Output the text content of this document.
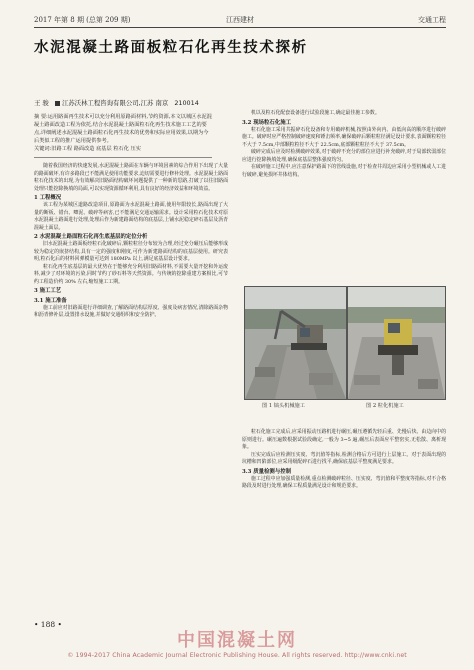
2017 年第 8 期 (总第 209 期)	江西建材	交通工程
水泥混凝土路面板粒石化再生技术探析
王 骏 江苏沃林工程咨询有限公司,江苏 南京 210014
摘 要:运用路面再生技术可以充分利用原路面材料,节约资源,本文以城区水泥混凝土路面改造工程为依托,结合水泥混凝土路面粒石化再生技术施工工艺的要点,详细阐述水泥混凝土路面粒石化再生技术的优势和实际应用效果,以期为今后类似工程的推广运用提供参考。
关键词:旧路工程 路面改造 底基层 粒石化 压实

随着我国经济的快速发展,水泥混凝土路面在车辆与环境因素的综合作用下出现了大量的路面破坏,有许多路段已不能满足使用功能要求,迫切需要进行修补处理。水泥混凝土路面粒石化技术的出现,为有效解决旧路面结构破坏问题提供了一种新的思路,打破了以往旧路面处理只能挖除换填的局面,可以实现资源循环利用,具有良好的经济效益和环境效益。

1 工程概况

该工程为某城区道路改造项目,原路面为水泥混凝土路面,使用年限较长,路面出现了大量的断板、错台、唧泥、破碎等病害,已不能满足交通运输需求。设计采用粒石化技术对原水泥混凝土路面进行处理,处理后作为新建路面结构的底基层,上铺水泥稳定碎石基层及沥青混凝土面层。

2 水泥混凝土路面粒石化再生底基层的定位分析

旧水泥混凝土路面板经粒石化破碎后,颗粒粒径分布较为合理,经过充分碾压后能够形成较为稳定的嵌挤结构,具有一定的强度和刚度,可作为新建路面结构的底基层使用。研究表明,粒石化后的材料回弹模量可达到 180MPa 以上,满足底基层设计要求。

粒石化再生底基层的最大优势在于能够充分利用旧路面材料,不需要大量开挖和外运废料,减少了对环境的污染,同时节约了砂石料等天然资源。与传统的挖除重建方案相比,可节约工程造价约 30% 左右,缩短施工工期。

3 施工工艺

3.1 施工准备

施工前应对旧路面进行详细调查,了解路面结构层厚度、强度及病害情况,清除路面杂物和沥青修补层,设置排水设施,并做好交通组织和安全防护。

机以及粒石化配套设备进行试验段施工,确定最佳施工参数。

3.2 现场粒石化施工

粒石化施工采用共振碎石化设备和专用破碎机械,按照由外向内、由低向高的顺序进行破碎施工。破碎时应严格控制破碎速度和锤击频率,确保破碎后颗粒粒径满足设计要求,表面颗粒粒径不大于 7.5cm,中部颗粒粒径不大于 22.5cm,底部颗粒粒径不大于 37.5cm。

破碎完成后应及时检测破碎效果,对于破碎不充分的部位应进行补充破碎,对于局部软弱部位应进行挖除换填处理,确保底基层整体强度均匀。

在破碎施工过程中,应注意保护路面下的管线设施,对于检查井周边应采用小型机械或人工进行破碎,避免损坏井体结构。

图 1 镐头机械施工	图 2 粒化机施工

粒石化施工完成后,应采用振动压路机进行碾压,碾压遵循先轻后重、先慢后快、由边向中的原则进行。碾压遍数根据试验段确定,一般为 3~5 遍,碾压后表面应平整密实,无松散、离析现象。

压实完成后应检测压实度、弯沉值等指标,检测合格后方可进行上层施工。对于表面出现的坑槽和凹陷部位,应采用级配碎石进行找平,确保底基层平整度满足要求。

3.3 质量检测与控制

施工过程中应加强质量检测,重点检测破碎粒径、压实度、弯沉值和平整度等指标,对不合格路段及时进行处理,确保工程质量满足设计和规范要求。

• 188 •
中国混凝土网
© 1994-2017 China Academic Journal Electronic Publishing House. All rights reserved. http://www.cnki.net
